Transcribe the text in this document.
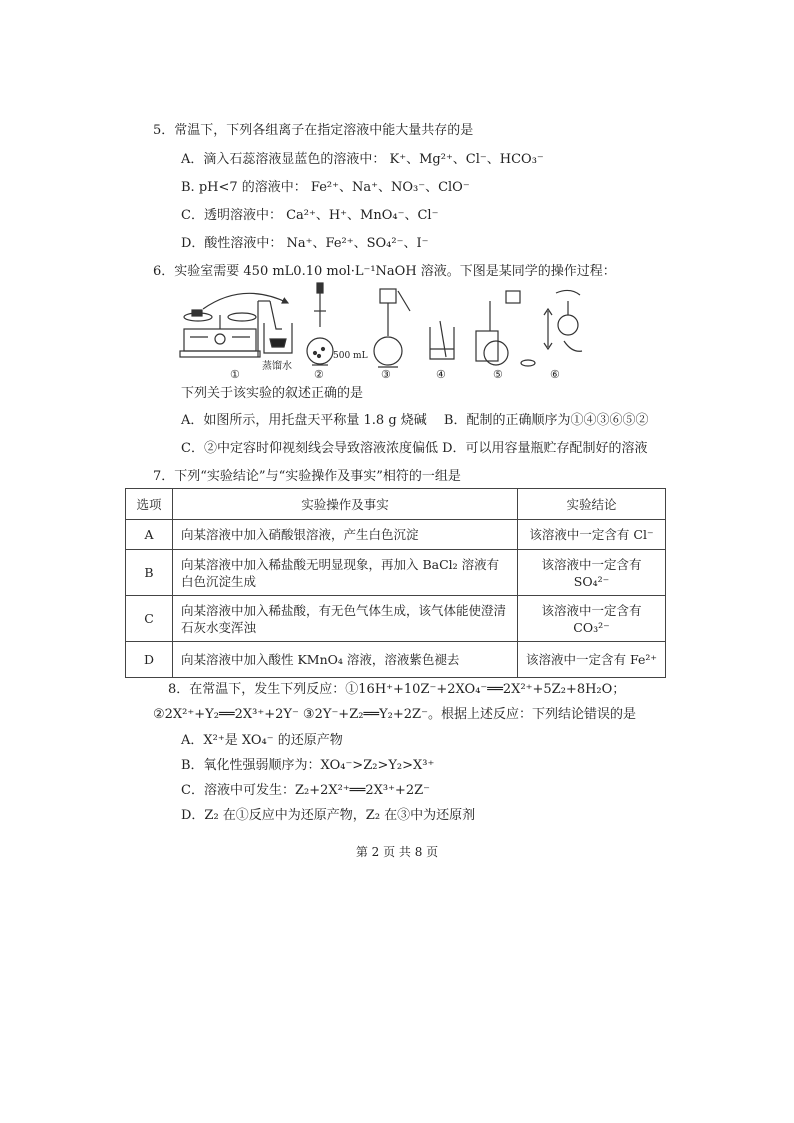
5．常温下，下列各组离子在指定溶液中能大量共存的是
A．滴入石蕊溶液显蓝色的溶液中： K⁺、Mg²⁺、Cl⁻、HCO₃⁻
B. pH<7 的溶液中： Fe²⁺、Na⁺、NO₃⁻、ClO⁻
C．透明溶液中： Ca²⁺、H⁺、MnO₄⁻、Cl⁻
D．酸性溶液中： Na⁺、Fe²⁺、SO₄²⁻、I⁻
6．实验室需要 450 mL0.10 mol·L⁻¹NaOH 溶液。下图是某同学的操作过程：
蒸馏水
500 mL
①	②	③	④	⑤	⑥
下列关于该实验的叙述正确的是
A．如图所示，用托盘天平称量 1.8 g 烧碱　 B．配制的正确顺序为①④③⑥⑤②
C．②中定容时仰视刻线会导致溶液浓度偏低 D．可以用容量瓶贮存配制好的溶液
7．下列“实验结论”与“实验操作及事实”相符的一组是
选项	实验操作及事实	实验结论
A	向某溶液中加入硝酸银溶液，产生白色沉淀	该溶液中一定含有 Cl⁻
B	向某溶液中加入稀盐酸无明显现象，再加入 BaCl₂ 溶液有白色沉淀生成	该溶液中一定含有 SO₄²⁻
C	向某溶液中加入稀盐酸，有无色气体生成，该气体能使澄清石灰水变浑浊	该溶液中一定含有 CO₃²⁻
D	向某溶液中加入酸性 KMnO₄ 溶液，溶液紫色褪去	该溶液中一定含有 Fe²⁺
8．在常温下，发生下列反应：①16H⁺+10Z⁻+2XO₄⁻══2X²⁺+5Z₂+8H₂O；
②2X²⁺+Y₂══2X³⁺+2Y⁻ ③2Y⁻+Z₂══Y₂+2Z⁻。根据上述反应：下列结论错误的是
A．X²⁺是 XO₄⁻ 的还原产物
B．氧化性强弱顺序为：XO₄⁻>Z₂>Y₂>X³⁺
C．溶液中可发生：Z₂+2X²⁺══2X³⁺+2Z⁻
D．Z₂ 在①反应中为还原产物，Z₂ 在③中为还原剂
第 2 页 共 8 页
